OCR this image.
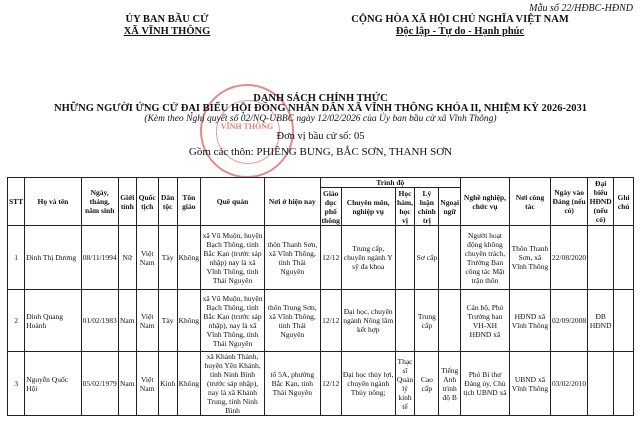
Mẫu số 22/HĐBC-HĐND
ỦY BAN BẦU CỬ
XÃ VĨNH THÔNG
CỘNG HÒA XÃ HỘI CHỦ NGHĨA VIỆT NAM
Độc lập - Tự do - Hạnh phúc
VĨNH THÔNG
DANH SÁCH CHÍNH THỨC
NHỮNG NGƯỜI ỨNG CỬ ĐẠI BIỂU HỘI ĐỒNG NHÂN DÂN XÃ VĨNH THÔNG KHÓA II, NHIỆM KỲ 2026-2031
(Kèm theo Nghị quyết số 02/NQ-UBBC ngày 12/02/2026 của Ủy ban bầu cử xã Vĩnh Thông)
Đơn vị bầu cử số: 05
Gồm các thôn: PHIÊNG BUNG, BẮC SƠN, THANH SƠN
STT	Họ và tên	Ngày, tháng, năm sinh	Giới tính	Quốc tịch	Dân tộc	Tôn giáo	Quê quán	Nơi ở hiện nay	Trình độ					Nghề nghiệp, chức vụ	Nơi công tác	Ngày vào Đảng (nếu có)	Đại biểu HĐND (nếu có)	Ghi chú
									Giáo dục phổ thông	Chuyên môn, nghiệp vụ	Học hàm, học vị	Lý luận chính trị	Ngoại ngữ					
1	Đinh Thị Dương	08/11/1994	Nữ	Việt Nam	Tày	Không	xã Vũ Muộn, huyện Bạch Thông, tỉnh Bắc Kạn (trước sáp nhập) nay là xã Vĩnh Thông, tỉnh Thái Nguyên	thôn Thanh Sơn, xã Vĩnh Thông, tỉnh Thái Nguyên	12/12	Trung cấp, chuyên ngành Y sỹ đa khoa		Sơ cấp		Người hoạt động không chuyên trách, Trưởng Ban công tác Mặt trận thôn	Thôn Thanh Sơn, xã Vĩnh Thông	22/08/2020		
2	Đinh Quang Hoành	01/02/1983	Nam	Việt Nam	Tày	Không	xã Vũ Muộn, huyện Bạch Thông, tỉnh Bắc Kạn (trước sáp nhập), nay là xã Vĩnh Thông, tỉnh Thái Nguyên	thôn Trung Sơn, xã Vĩnh Thông, tỉnh Thái Nguyên	12/12	Đại học, chuyên ngành Nông lâm kết hợp		Trung cấp		Cán bộ, Phó Trưởng ban VH-XH HĐND xã	HĐND xã Vĩnh Thông	02/09/2008	ĐB HĐND	
3	Nguyễn Quốc Hội	05/02/1979	Nam	Việt Nam	Kinh	Không	xã Khánh Thành, huyện Yên Khánh, tỉnh Ninh Bình (trước sáp nhập), nay là xã Khánh Trung, tỉnh Ninh Bình	tổ 5A, phường Bắc Kạn, tỉnh Thái Nguyên	12/12	Đại học thủy lợi, chuyên ngành Thủy nông;	Thạc sĩ Quản lý kinh tế	Cao cấp	Tiếng Anh trình độ B	Phó Bí thư Đảng ủy, Chủ tịch UBND xã	UBND xã Vĩnh Thông	03/02/2010		
